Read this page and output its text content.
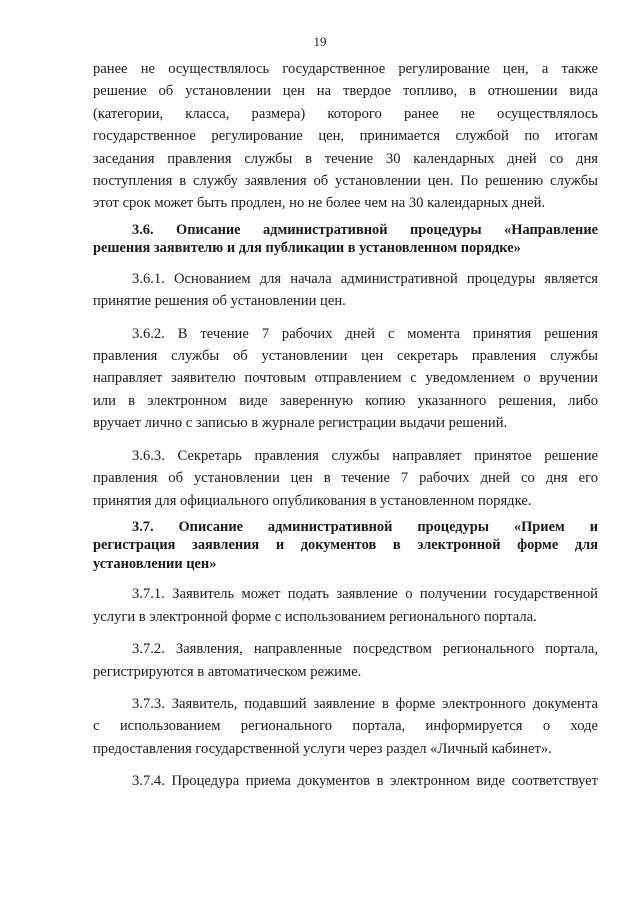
19
ранее не осуществлялось государственное регулирование цен, а также
решение об установлении цен на твердое топливо, в отношении вида
(категории, класса, размера) которого ранее не осуществлялось
государственное регулирование цен, принимается службой по итогам
заседания правления службы в течение 30 календарных дней со дня
поступления в службу заявления об установлении цен. По решению службы
этот срок может быть продлен, но не более чем на 30 календарных дней.
3.6. Описание административной процедуры «Направление
решения заявителю и для публикации в установленном порядке»
3.6.1. Основанием для начала административной процедуры является
принятие решения об установлении цен.
3.6.2. В течение 7 рабочих дней с момента принятия решения
правления службы об установлении цен секретарь правления службы
направляет заявителю почтовым отправлением с уведомлением о вручении
или в электронном виде заверенную копию указанного решения, либо
вручает лично с записью в журнале регистрации выдачи решений.
3.6.3. Секретарь правления службы направляет принятое решение
правления об установлении цен в течение 7 рабочих дней со дня его
принятия для официального опубликования в установленном порядке.
3.7. Описание административной процедуры «Прием и
регистрация заявления и документов в электронной форме для
установлении цен»
3.7.1. Заявитель может подать заявление о получении государственной
услуги в электронной форме с использованием регионального портала.
3.7.2. Заявления, направленные посредством регионального портала,
регистрируются в автоматическом режиме.
3.7.3. Заявитель, подавший заявление в форме электронного документа
с использованием регионального портала, информируется о ходе
предоставления государственной услуги через раздел «Личный кабинет».
3.7.4. Процедура приема документов в электронном виде соответствует
